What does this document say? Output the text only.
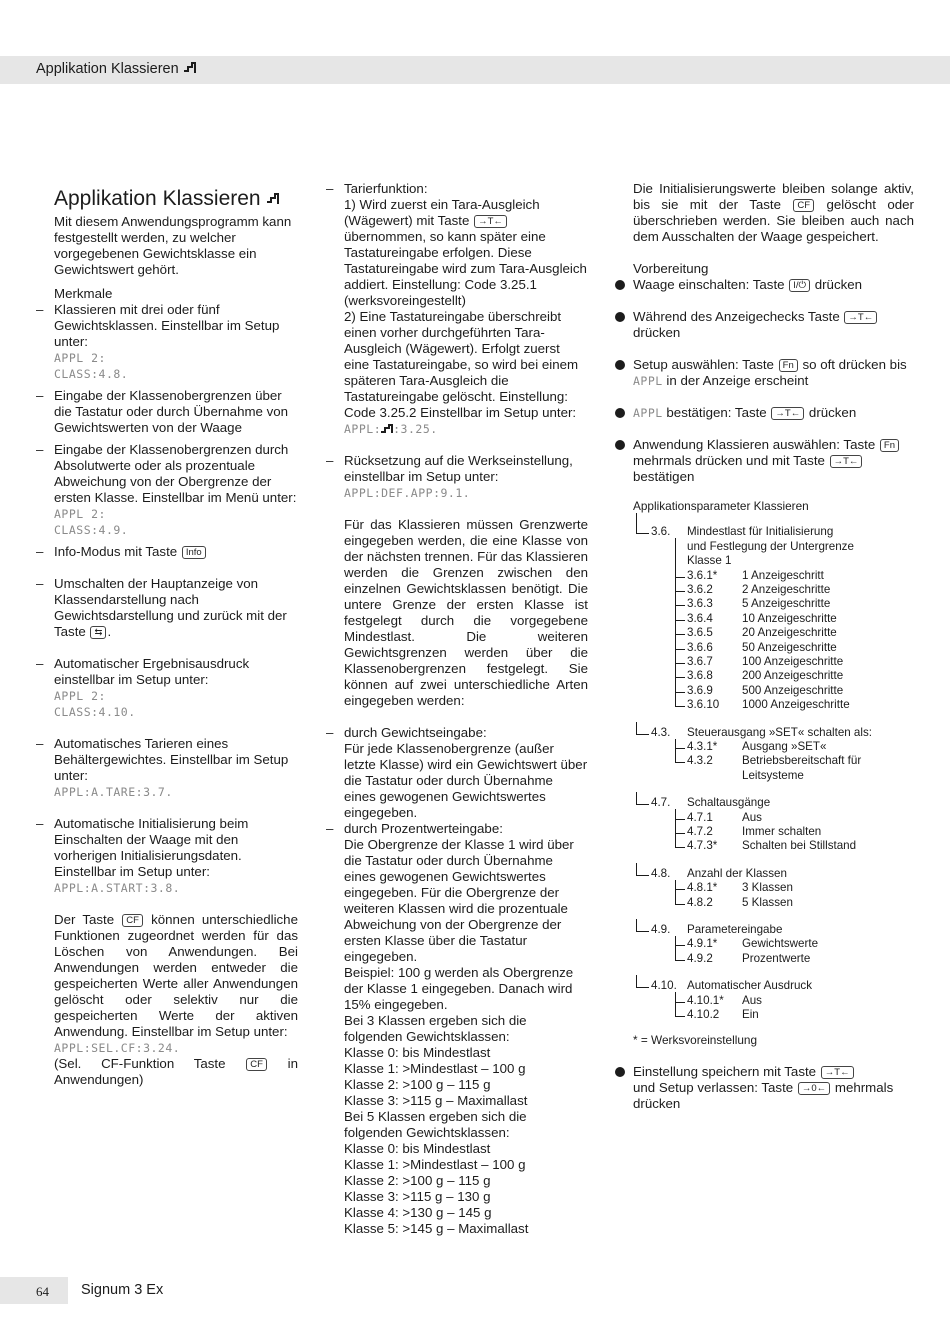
Applikation Klassieren
Applikation Klassieren

Mit diesem Anwendungsprogramm kann festgestellt werden, zu welcher vorgegebenen Gewichtsklasse ein Gewichtswert gehört.

Merkmale

– Klassieren mit drei oder fünf Gewichtsklassen. Einstellbar im Setup unter:
APPL 2:
CLASS:4.8.
– Eingabe der Klassenobergrenzen über die Tastatur oder durch Übernahme von Gewichtswerten von der Waage
– Eingabe der Klassenobergrenzen durch Absolutwerte oder als prozentuale Abweichung von der Obergrenze der ersten Klasse. Einstellbar im Menü unter:
APPL 2:
CLASS:4.9.
– Info-Modus mit Taste Info
– Umschalten der Hauptanzeige von Klassendarstellung nach Gewichtsdarstellung und zurück mit der Taste ⇆ .
– Automatischer Ergebnisausdruck einstellbar im Setup unter:
APPL 2:
CLASS:4.10.
– Automatisches Tarieren eines Behältergewichtes. Einstellbar im Setup unter:
APPL:A.TARE:3.7.
– Automatische Initialisierung beim Einschalten der Waage mit den vorherigen Initialisierungsdaten. Einstellbar im Setup unter:
APPL:A.START:3.8.

Der Taste CF können unterschiedliche Funktionen zugeordnet werden für das Löschen von Anwendungen. Bei Anwendungen werden entweder die gespeicherten Werte aller Anwendungen gelöscht oder selektiv nur die gespeicherten Werte der aktiven Anwendung. Einstellbar im Setup unter:
APPL:SEL.CF:3.24.
(Sel. CF-Funktion Taste	CF in Anwendungen)

– Tarierfunktion:
1) Wird zuerst ein Tara-Ausgleich (Wägewert) mit Taste →T← übernommen, so kann später eine Tastatureingabe erfolgen. Diese Tastatureingabe wird zum Tara-Ausgleich addiert. Einstellung: Code 3.25.1 (werksvoreingestellt)
2) Eine Tastatureingabe überschreibt einen vorher durchgeführten Tara-Ausgleich (Wägewert). Erfolgt zuerst eine Tastatureingabe, so wird bei einem späteren Tara-Ausgleich die Tastatureingabe gelöscht. Einstellung: Code 3.25.2 Einstellbar im Setup unter:
APPL: :3.25.
– Rücksetzung auf die Werkseinstellung, einstellbar im Setup unter:
APPL:DEF.APP:9.1.

Für das Klassieren müssen Grenzwerte eingegeben werden, die eine Klasse von der nächsten trennen. Für das Klassieren werden die Grenzen zwischen den einzelnen Gewichtsklassen benötigt. Die untere Grenze der ersten Klasse ist festgelegt durch die vorgegebene Mindestlast. Die weiteren Gewichtsgrenzen werden über die Klassenobergrenzen festgelegt. Sie können auf zwei unterschiedliche Arten eingegeben werden:

– durch Gewichtseingabe:
Für jede Klassenobergrenze (außer letzte Klasse) wird ein Gewichtswert über die Tastatur oder durch Übernahme eines gewogenen Gewichtswertes eingegeben.
– durch Prozentwerteingabe:
Die Obergrenze der Klasse 1 wird über die Tastatur oder durch Übernahme eines gewogenen Gewichtswertes eingegeben. Für die Obergrenze der weiteren Klassen wird die prozentuale Abweichung von der Obergrenze der ersten Klasse über die Tastatur eingegeben.
Beispiel: 100 g werden als Obergrenze der Klasse 1 eingegeben. Danach wird 15% eingegeben.
Bei 3 Klassen ergeben sich die folgenden Gewichtsklassen:
Klasse 0: bis Mindestlast
Klasse 1: >Mindestlast – 100 g
Klasse 2: >100 g – 115 g
Klasse 3: >115 g – Maximallast
Bei 5 Klassen ergeben sich die folgenden Gewichtsklassen:
Klasse 0: bis Mindestlast
Klasse 1: >Mindestlast – 100 g
Klasse 2: >100 g – 115 g
Klasse 3: >115 g – 130 g
Klasse 4: >130 g – 145 g
Klasse 5: >145 g – Maximallast

Die Initialisierungswerte bleiben solange aktiv, bis sie mit der Taste CF gelöscht oder überschrieben werden. Sie bleiben auch nach dem Ausschalten der Waage gespeichert.

Vorbereitung

Waage einschalten: Taste I/⏻ drücken
Während des Anzeigechecks Taste →T←
drücken
Setup auswählen: Taste Fn so oft drücken bis APPL in der Anzeige erscheint
APPL bestätigen: Taste →T← drücken
Anwendung Klassieren auswählen: Taste Fn mehrmals drücken und mit Taste →T← bestätigen
Applikationsparameter Klassieren
3.6. Mindestlast für Initialisierung
und Festlegung der Untergrenze
Klasse 1
3.6.1* 1 Anzeigeschritt
3.6.2	2 Anzeigeschritte
3.6.3	5 Anzeigeschritte
3.6.4	10 Anzeigeschritte
3.6.5	20 Anzeigeschritte
3.6.6	50 Anzeigeschritte
3.6.7	100 Anzeigeschritte
3.6.8	200 Anzeigeschritte
3.6.9	500 Anzeigeschritte
3.6.10 1000 Anzeigeschritte
4.3. Steuerausgang »SET« schalten als:
4.3.1* Ausgang »SET«
4.3.2	Betriebsbereitschaft für
Leitsysteme
4.7. Schaltausgänge
4.7.1	Aus
4.7.2	Immer schalten
4.7.3* Schalten bei Stillstand
4.8. Anzahl der Klassen
4.8.1* 3 Klassen
4.8.2	5 Klassen
4.9. Parametereingabe
4.9.1* Gewichtswerte
4.9.2	Prozentwerte
4.10. Automatischer Ausdruck
4.10.1* Aus
4.10.2 Ein

* = Werksvoreinstellung

Einstellung speichern mit Taste →T←
und Setup verlassen: Taste →0← mehrmals drücken
64 Signum 3 Ex
